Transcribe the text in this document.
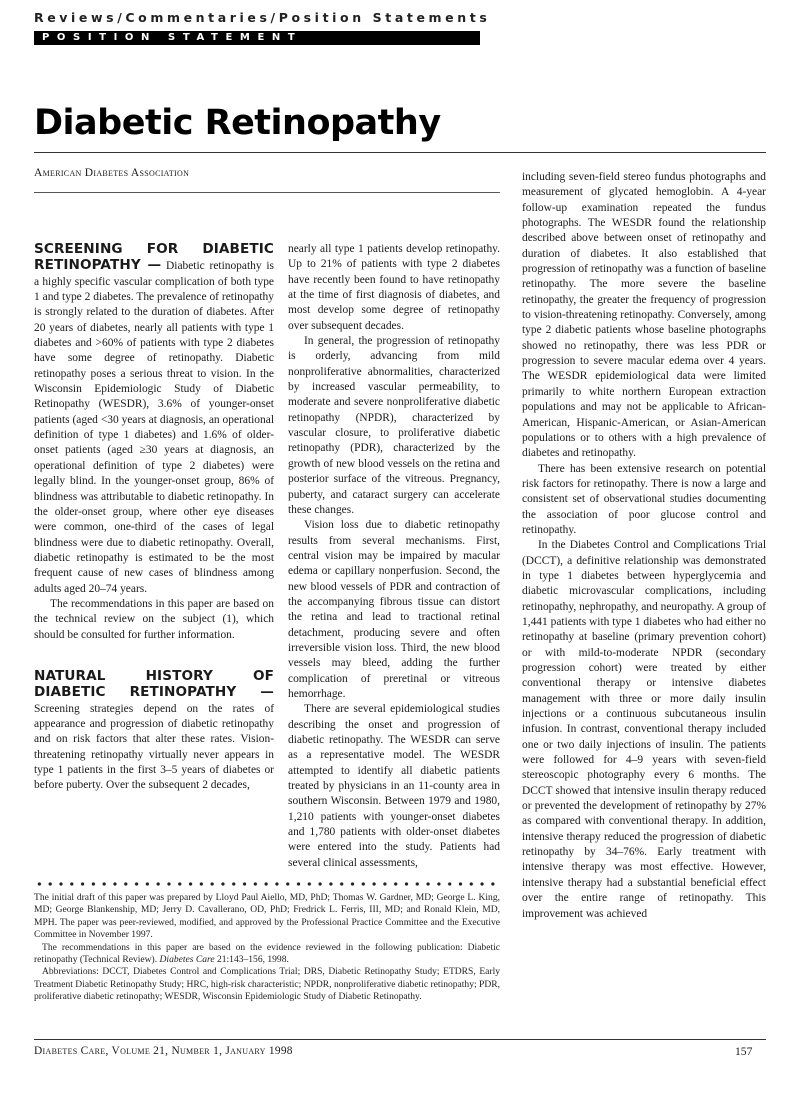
Reviews/Commentaries/Position Statements
POSITION STATEMENT
Diabetic Retinopathy
American Diabetes Association

SCREENING FOR DIABETIC RETINOPATHY — Diabetic retinopathy is a highly specific vascular complication of both type 1 and type 2 diabetes. The prevalence of retinopathy is strongly related to the duration of diabetes. After 20 years of diabetes, nearly all patients with type 1 diabetes and >60% of patients with type 2 diabetes have some degree of retinopathy. Diabetic retinopathy poses a serious threat to vision. In the Wisconsin Epidemiologic Study of Diabetic Retinopathy (WESDR), 3.6% of younger-onset patients (aged <30 years at diagnosis, an operational definition of type 1 diabetes) and 1.6% of older-onset patients (aged ≥30 years at diagnosis, an operational definition of type 2 diabetes) were legally blind. In the younger-onset group, 86% of blindness was attributable to diabetic retinopathy. In the older-onset group, where other eye diseases were common, one-third of the cases of legal blindness were due to diabetic retinopathy. Overall, diabetic retinopathy is estimated to be the most frequent cause of new cases of blindness among adults aged 20–74 years.

The recommendations in this paper are based on the technical review on the subject (1), which should be consulted for further information.

NATURAL HISTORY OF DIABETIC RETINOPATHY — Screening strategies depend on the rates of appearance and progression of diabetic retinopathy and on risk factors that alter these rates. Vision-threatening retinopathy virtually never appears in type 1 patients in the first 3–5 years of diabetes or before puberty. Over the subsequent 2 decades,

nearly all type 1 patients develop retinopathy. Up to 21% of patients with type 2 diabetes have recently been found to have retinopathy at the time of first diagnosis of diabetes, and most develop some degree of retinopathy over subsequent decades.

In general, the progression of retinopathy is orderly, advancing from mild nonproliferative abnormalities, characterized by increased vascular permeability, to moderate and severe nonproliferative diabetic retinopathy (NPDR), characterized by vascular closure, to proliferative diabetic retinopathy (PDR), characterized by the growth of new blood vessels on the retina and posterior surface of the vitreous. Pregnancy, puberty, and cataract surgery can accelerate these changes.

Vision loss due to diabetic retinopathy results from several mechanisms. First, central vision may be impaired by macular edema or capillary nonperfusion. Second, the new blood vessels of PDR and contraction of the accompanying fibrous tissue can distort the retina and lead to tractional retinal detachment, producing severe and often irreversible vision loss. Third, the new blood vessels may bleed, adding the further complication of preretinal or vitreous hemorrhage.

There are several epidemiological studies describing the onset and progression of diabetic retinopathy. The WESDR can serve as a representative model. The WESDR attempted to identify all diabetic patients treated by physicians in an 11-county area in southern Wisconsin. Between 1979 and 1980, 1,210 patients with younger-onset diabetes and 1,780 patients with older-onset diabetes were entered into the study. Patients had several clinical assessments,

including seven-field stereo fundus photographs and measurement of glycated hemoglobin. A 4-year follow-up examination repeated the fundus photographs. The WESDR found the relationship described above between onset of retinopathy and duration of diabetes. It also established that progression of retinopathy was a function of baseline retinopathy. The more severe the baseline retinopathy, the greater the frequency of progression to vision-threatening retinopathy. Conversely, among type 2 diabetic patients whose baseline photographs showed no retinopathy, there was less PDR or progression to severe macular edema over 4 years. The WESDR epidemiological data were limited primarily to white northern European extraction populations and may not be applicable to African-American, Hispanic-American, or Asian-American populations or to others with a high prevalence of diabetes and retinopathy.

There has been extensive research on potential risk factors for retinopathy. There is now a large and consistent set of observational studies documenting the association of poor glucose control and retinopathy.

In the Diabetes Control and Complications Trial (DCCT), a definitive relationship was demonstrated in type 1 diabetes between hyperglycemia and diabetic microvascular complications, including retinopathy, nephropathy, and neuropathy. A group of 1,441 patients with type 1 diabetes who had either no retinopathy at baseline (primary prevention cohort) or with mild-to-moderate NPDR (secondary progression cohort) were treated by either conventional therapy or intensive diabetes management with three or more daily insulin injections or a continuous subcutaneous insulin infusion. In contrast, conventional therapy included one or two daily injections of insulin. The patients were followed for 4–9 years with seven-field stereoscopic photography every 6 months. The DCCT showed that intensive insulin therapy reduced or prevented the development of retinopathy by 27% as compared with conventional therapy. In addition, intensive therapy reduced the progression of diabetic retinopathy by 34–76%. Early treatment with intensive therapy was most effective. However, intensive therapy had a substantial beneficial effect over the entire range of retinopathy. This improvement was achieved

The initial draft of this paper was prepared by Lloyd Paul Aiello, MD, PhD; Thomas W. Gardner, MD; George L. King, MD; George Blankenship, MD; Jerry D. Cavallerano, OD, PhD; Fredrick L. Ferris, III, MD; and Ronald Klein, MD, MPH. The paper was peer-reviewed, modified, and approved by the Professional Practice Committee and the Executive Committee in November 1997.

The recommendations in this paper are based on the evidence reviewed in the following publication: Diabetic retinopathy (Technical Review). Diabetes Care 21:143–156, 1998.

Abbreviations: DCCT, Diabetes Control and Complications Trial; DRS, Diabetic Retinopathy Study; ETDRS, Early Treatment Diabetic Retinopathy Study; HRC, high-risk characteristic; NPDR, nonproliferative diabetic retinopathy; PDR, proliferative diabetic retinopathy; WESDR, Wisconsin Epidemiologic Study of Diabetic Retinopathy.

Diabetes Care, Volume 21, Number 1, January 1998	157
